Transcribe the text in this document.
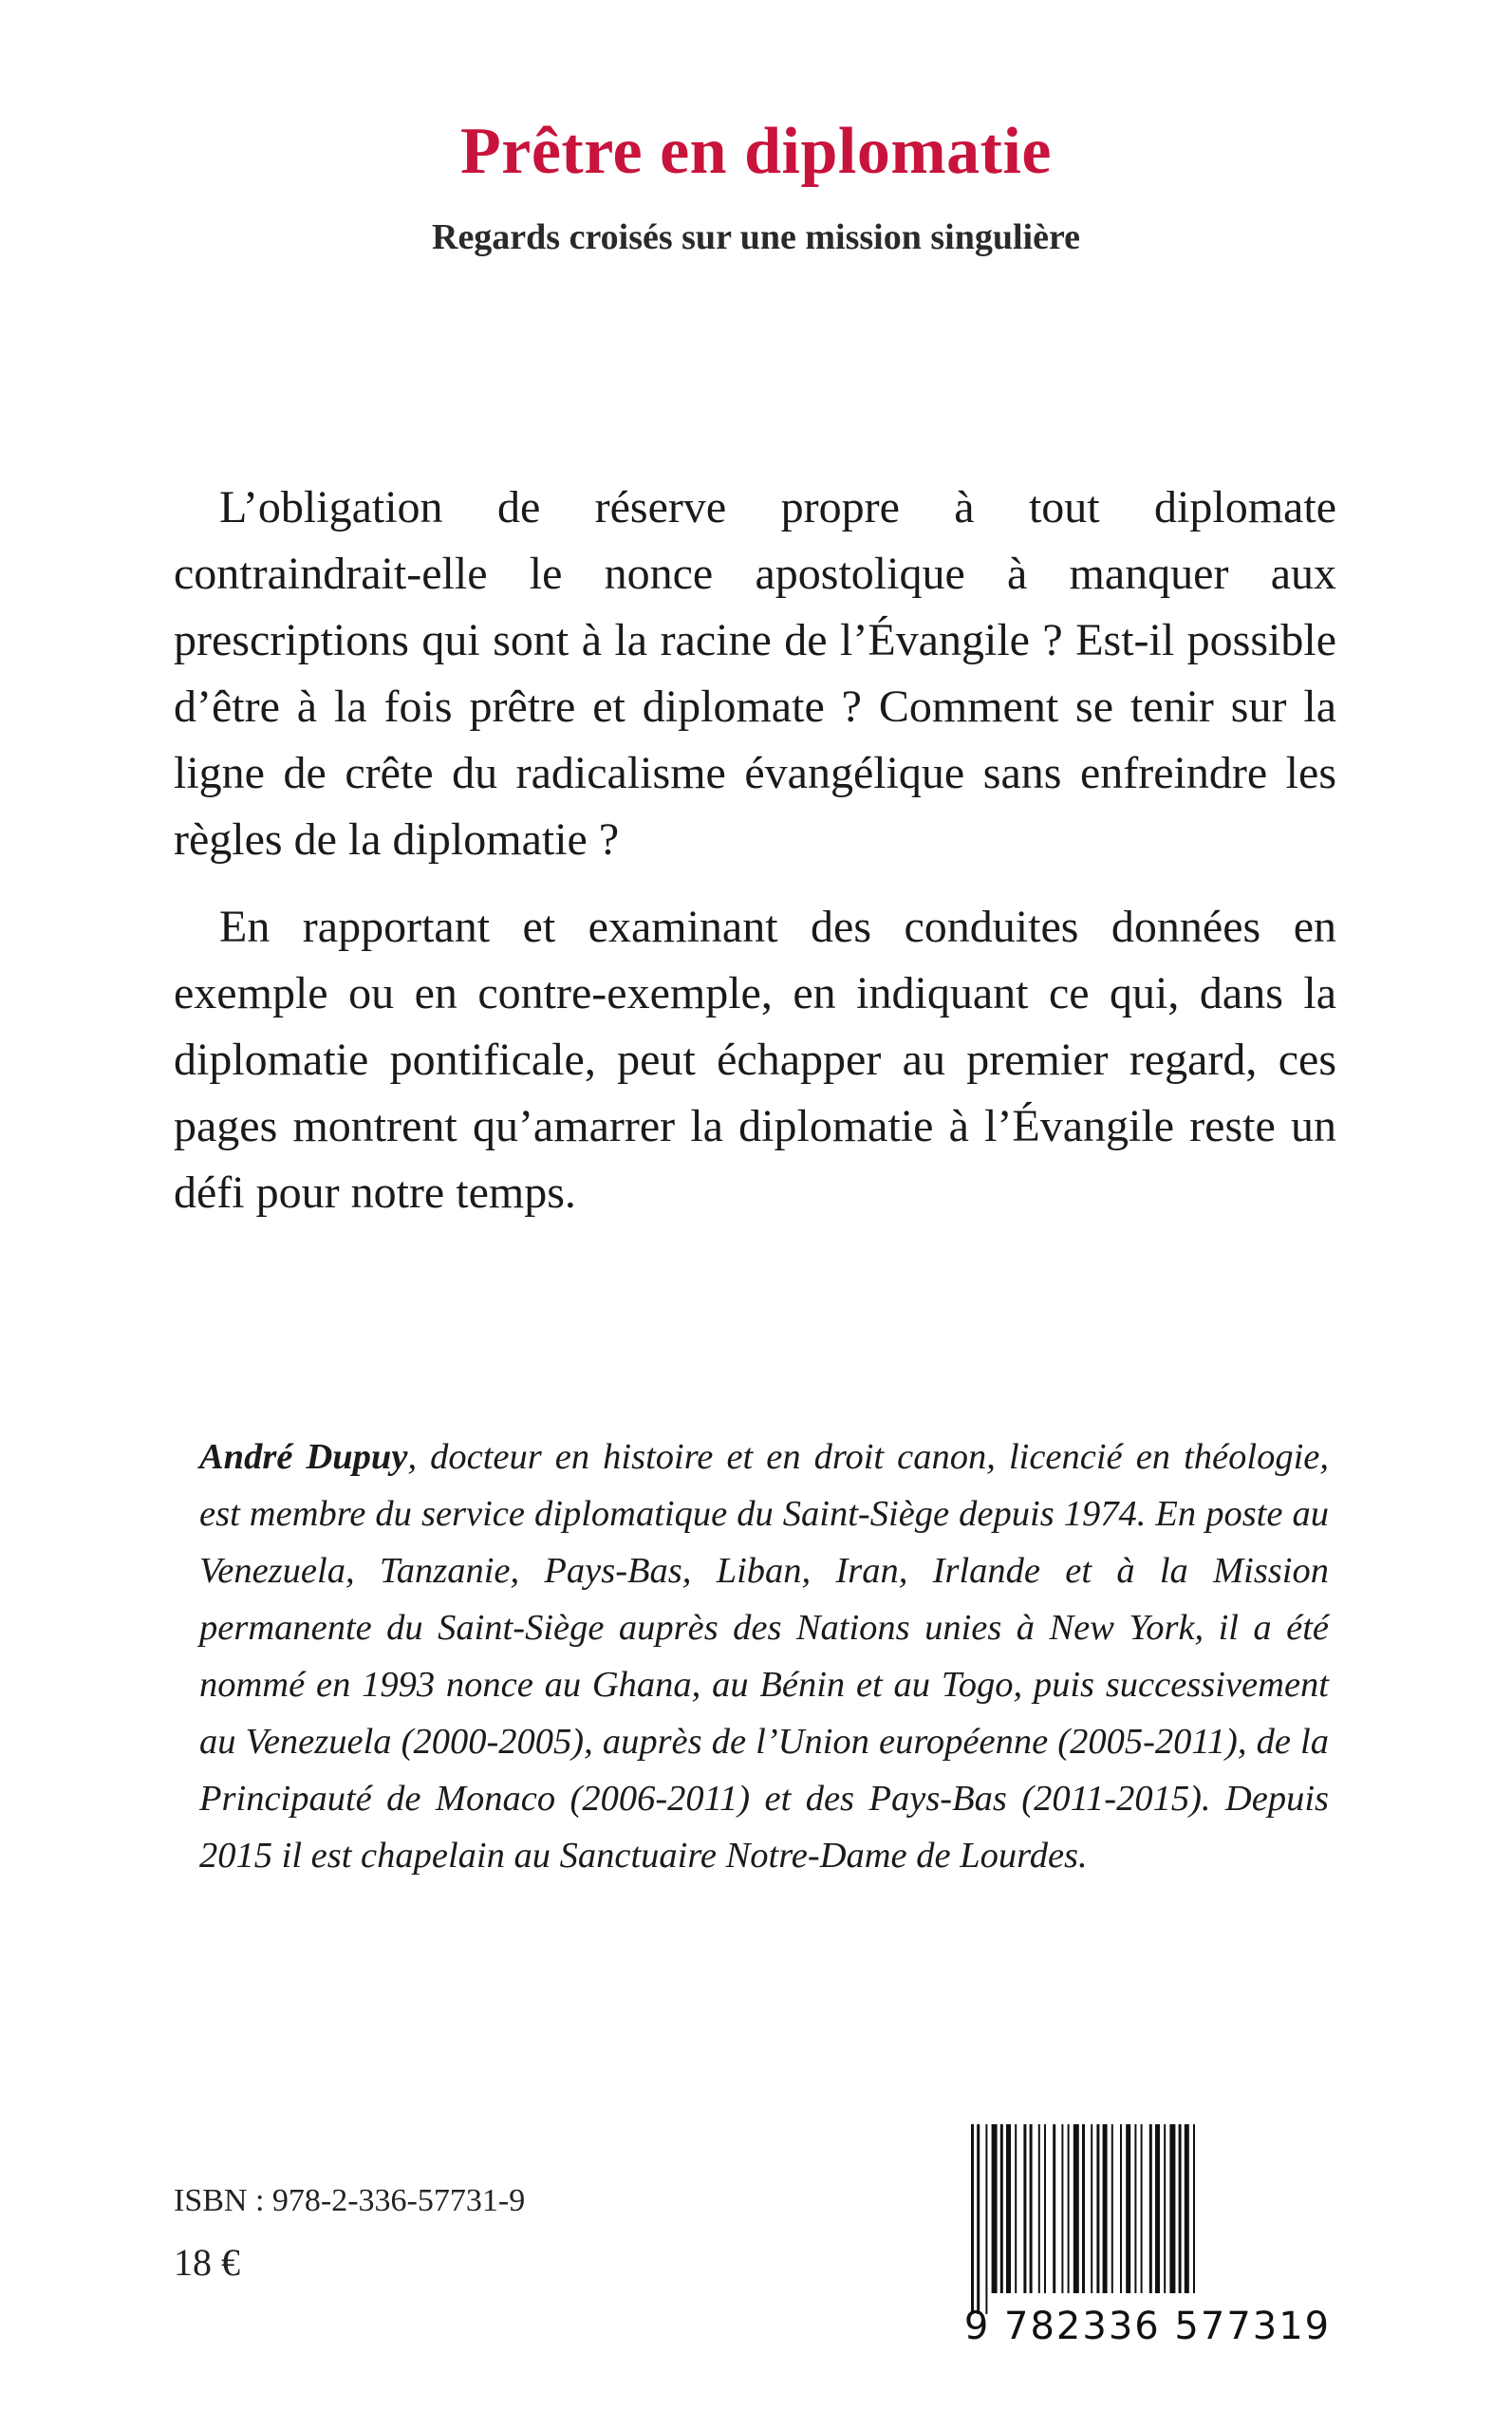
Prêtre en diplomatie
Regards croisés sur une mission singulière

L’obligation de réserve propre à tout diplomate contraindrait-elle le nonce apostolique à manquer aux prescriptions qui sont à la racine de l’Évangile ? Est-il possible d’être à la fois prêtre et diplomate ? Comment se tenir sur la ligne de crête du radicalisme évangélique sans enfreindre les règles de la diplomatie ?

En rapportant et examinant des conduites données en exemple ou en contre-exemple, en indiquant ce qui, dans la diplomatie pontificale, peut échapper au premier regard, ces pages montrent qu’amarrer la diplomatie à l’Évangile reste un défi pour notre temps.

André Dupuy, docteur en histoire et en droit canon, licencié en théologie, est membre du service diplomatique du Saint-Siège depuis 1974. En poste au Venezuela, Tanzanie, Pays-Bas, Liban, Iran, Irlande et à la Mission permanente du Saint-Siège auprès des Nations unies à New York, il a été nommé en 1993 nonce au Ghana, au Bénin et au Togo, puis successivement au Venezuela (2000-2005), auprès de l’Union européenne (2005-2011), de la Principauté de Monaco (2006-2011) et des Pays-Bas (2011-2015). Depuis 2015 il est chapelain au Sanctuaire Notre-Dame de Lourdes.
ISBN : 978-2-336-57731-9
18 €
9 782336 577319
